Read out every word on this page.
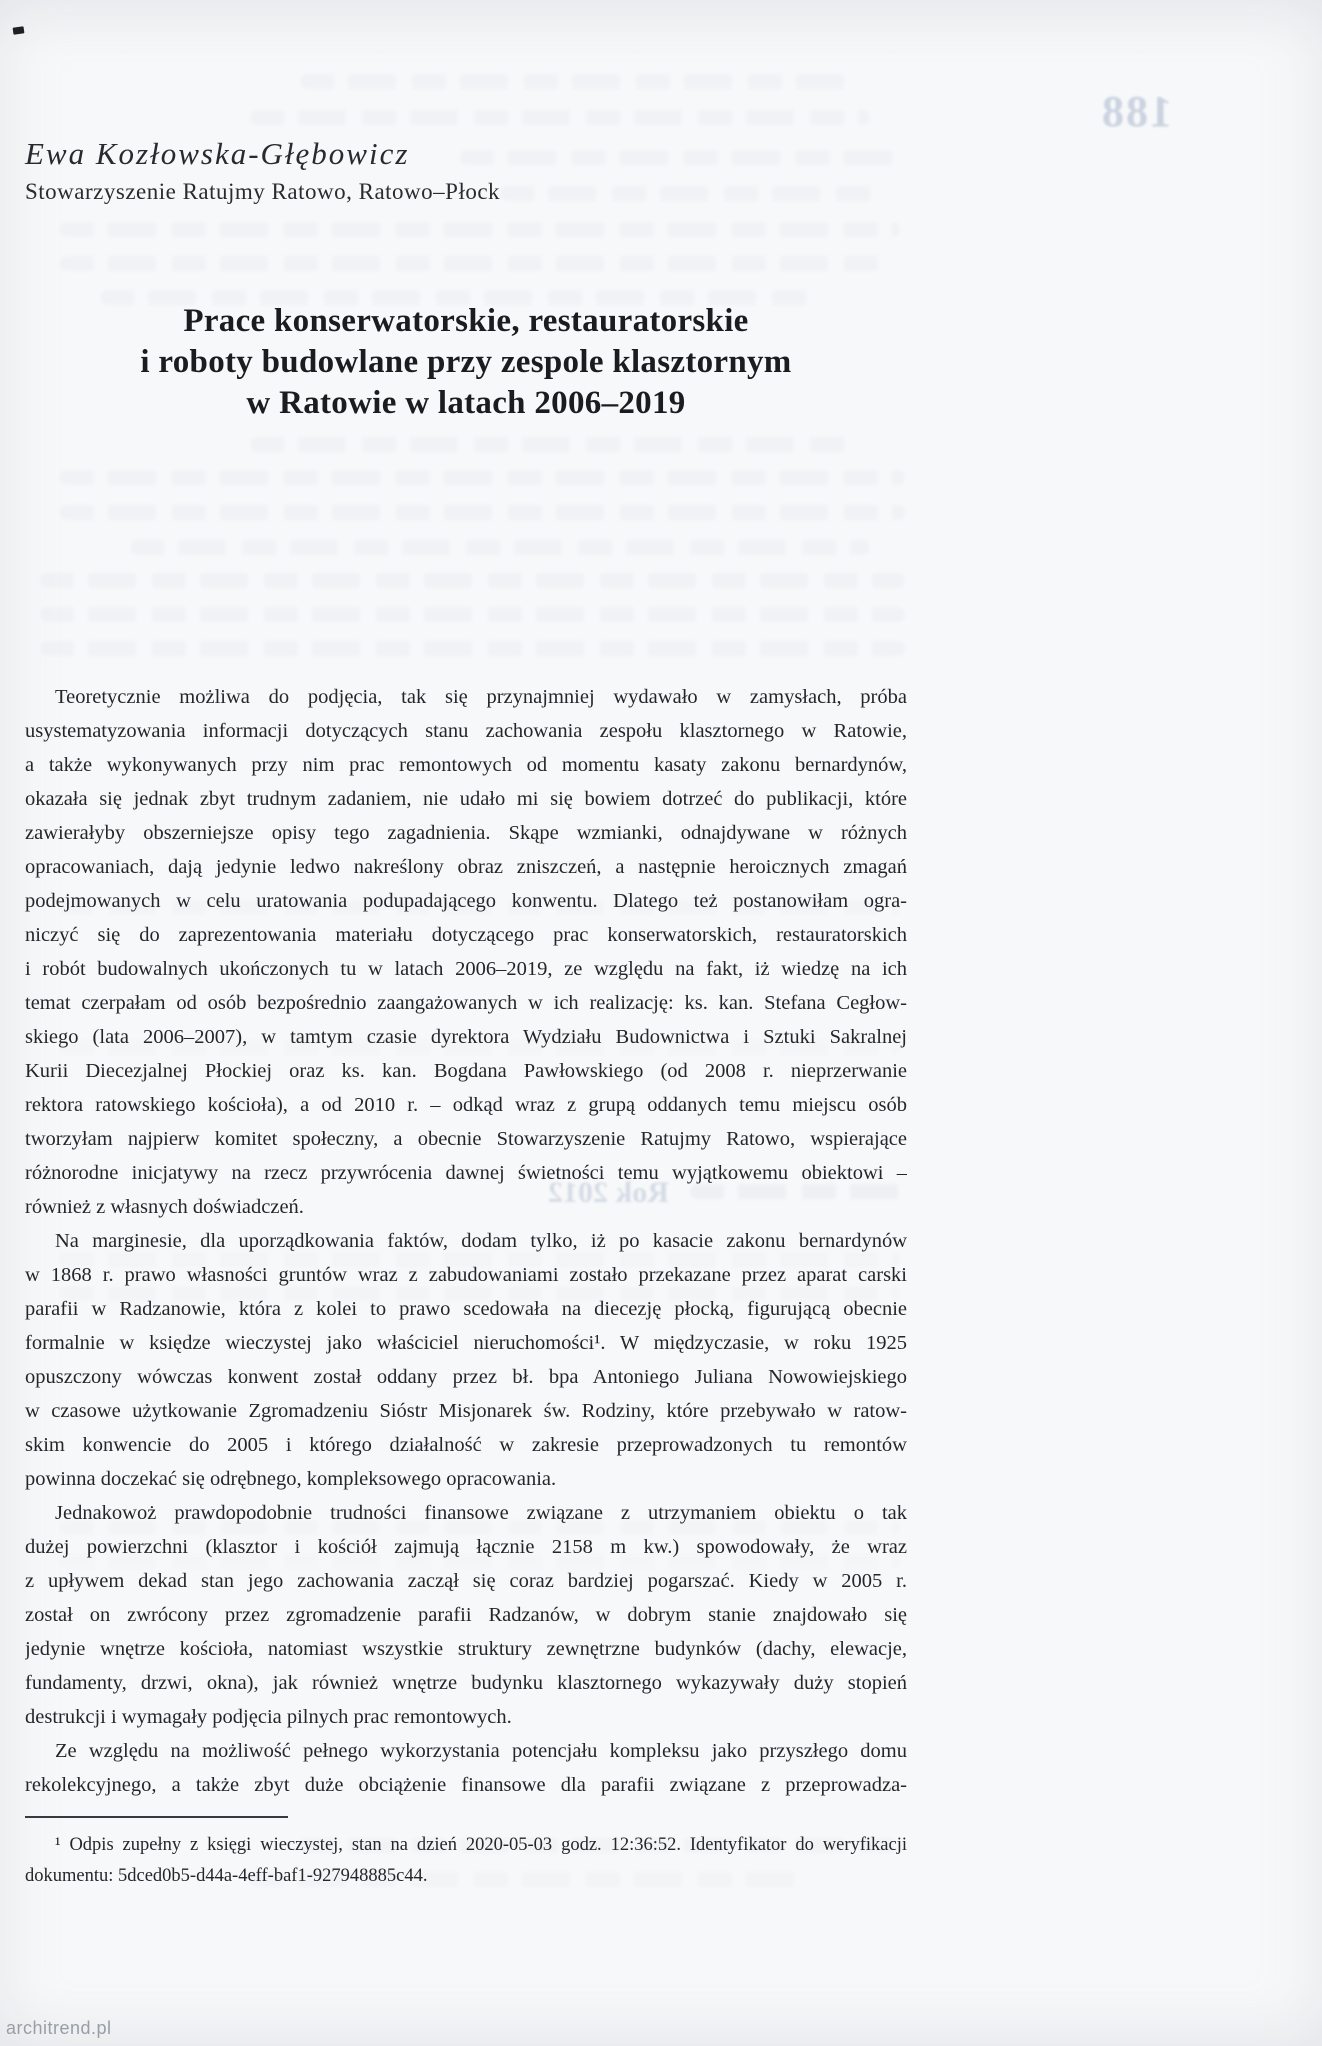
188
Rok 2012
Ewa Kozłowska-Głębowicz
Stowarzyszenie Ratujmy Ratowo, Ratowo–Płock
Prace konserwatorskie, restauratorskie
i roboty budowlane przy zespole klasztornym
w Ratowie w latach 2006–2019
Teoretycznie możliwa do podjęcia, tak się przynajmniej wydawało w zamysłach, próba
usystematyzowania informacji dotyczących stanu zachowania zespołu klasztornego w Ratowie,
a także wykonywanych przy nim prac remontowych od momentu kasaty zakonu bernardynów,
okazała się jednak zbyt trudnym zadaniem, nie udało mi się bowiem dotrzeć do publikacji, które
zawierałyby obszerniejsze opisy tego zagadnienia. Skąpe wzmianki, odnajdywane w różnych
opracowaniach, dają jedynie ledwo nakreślony obraz zniszczeń, a następnie heroicznych zmagań
podejmowanych w celu uratowania podupadającego konwentu. Dlatego też postanowiłam ogra-
niczyć się do zaprezentowania materiału dotyczącego prac konserwatorskich, restauratorskich
i robót budowalnych ukończonych tu w latach 2006–2019, ze względu na fakt, iż wiedzę na ich
temat czerpałam od osób bezpośrednio zaangażowanych w ich realizację: ks. kan. Stefana Cegłow-
skiego (lata 2006–2007), w tamtym czasie dyrektora Wydziału Budownictwa i Sztuki Sakralnej
Kurii Diecezjalnej Płockiej oraz ks. kan. Bogdana Pawłowskiego (od 2008 r. nieprzerwanie
rektora ratowskiego kościoła), a od 2010 r. – odkąd wraz z grupą oddanych temu miejscu osób
tworzyłam najpierw komitet społeczny, a obecnie Stowarzyszenie Ratujmy Ratowo, wspierające
różnorodne inicjatywy na rzecz przywrócenia dawnej świetności temu wyjątkowemu obiektowi –
również z własnych doświadczeń.
Na marginesie, dla uporządkowania faktów, dodam tylko, iż po kasacie zakonu bernardynów
w 1868 r. prawo własności gruntów wraz z zabudowaniami zostało przekazane przez aparat carski
parafii w Radzanowie, która z kolei to prawo scedowała na diecezję płocką, figurującą obecnie
formalnie w księdze wieczystej jako właściciel nieruchomości¹. W międzyczasie, w roku 1925
opuszczony wówczas konwent został oddany przez bł. bpa Antoniego Juliana Nowowiejskiego
w czasowe użytkowanie Zgromadzeniu Sióstr Misjonarek św. Rodziny, które przebywało w ratow-
skim konwencie do 2005 i którego działalność w zakresie przeprowadzonych tu remontów
powinna doczekać się odrębnego, kompleksowego opracowania.
Jednakowoż prawdopodobnie trudności finansowe związane z utrzymaniem obiektu o tak
dużej powierzchni (klasztor i kościół zajmują łącznie 2158 m kw.) spowodowały, że wraz
z upływem dekad stan jego zachowania zaczął się coraz bardziej pogarszać. Kiedy w 2005 r.
został on zwrócony przez zgromadzenie parafii Radzanów, w dobrym stanie znajdowało się
jedynie wnętrze kościoła, natomiast wszystkie struktury zewnętrzne budynków (dachy, elewacje,
fundamenty, drzwi, okna), jak również wnętrze budynku klasztornego wykazywały duży stopień
destrukcji i wymagały podjęcia pilnych prac remontowych.
Ze względu na możliwość pełnego wykorzystania potencjału kompleksu jako przyszłego domu
rekolekcyjnego, a także zbyt duże obciążenie finansowe dla parafii związane z przeprowadza-
¹ Odpis zupełny z księgi wieczystej, stan na dzień 2020-05-03 godz. 12:36:52. Identyfikator do weryfikacji
dokumentu: 5dced0b5-d44a-4eff-baf1-927948885c44.
architrend.pl
